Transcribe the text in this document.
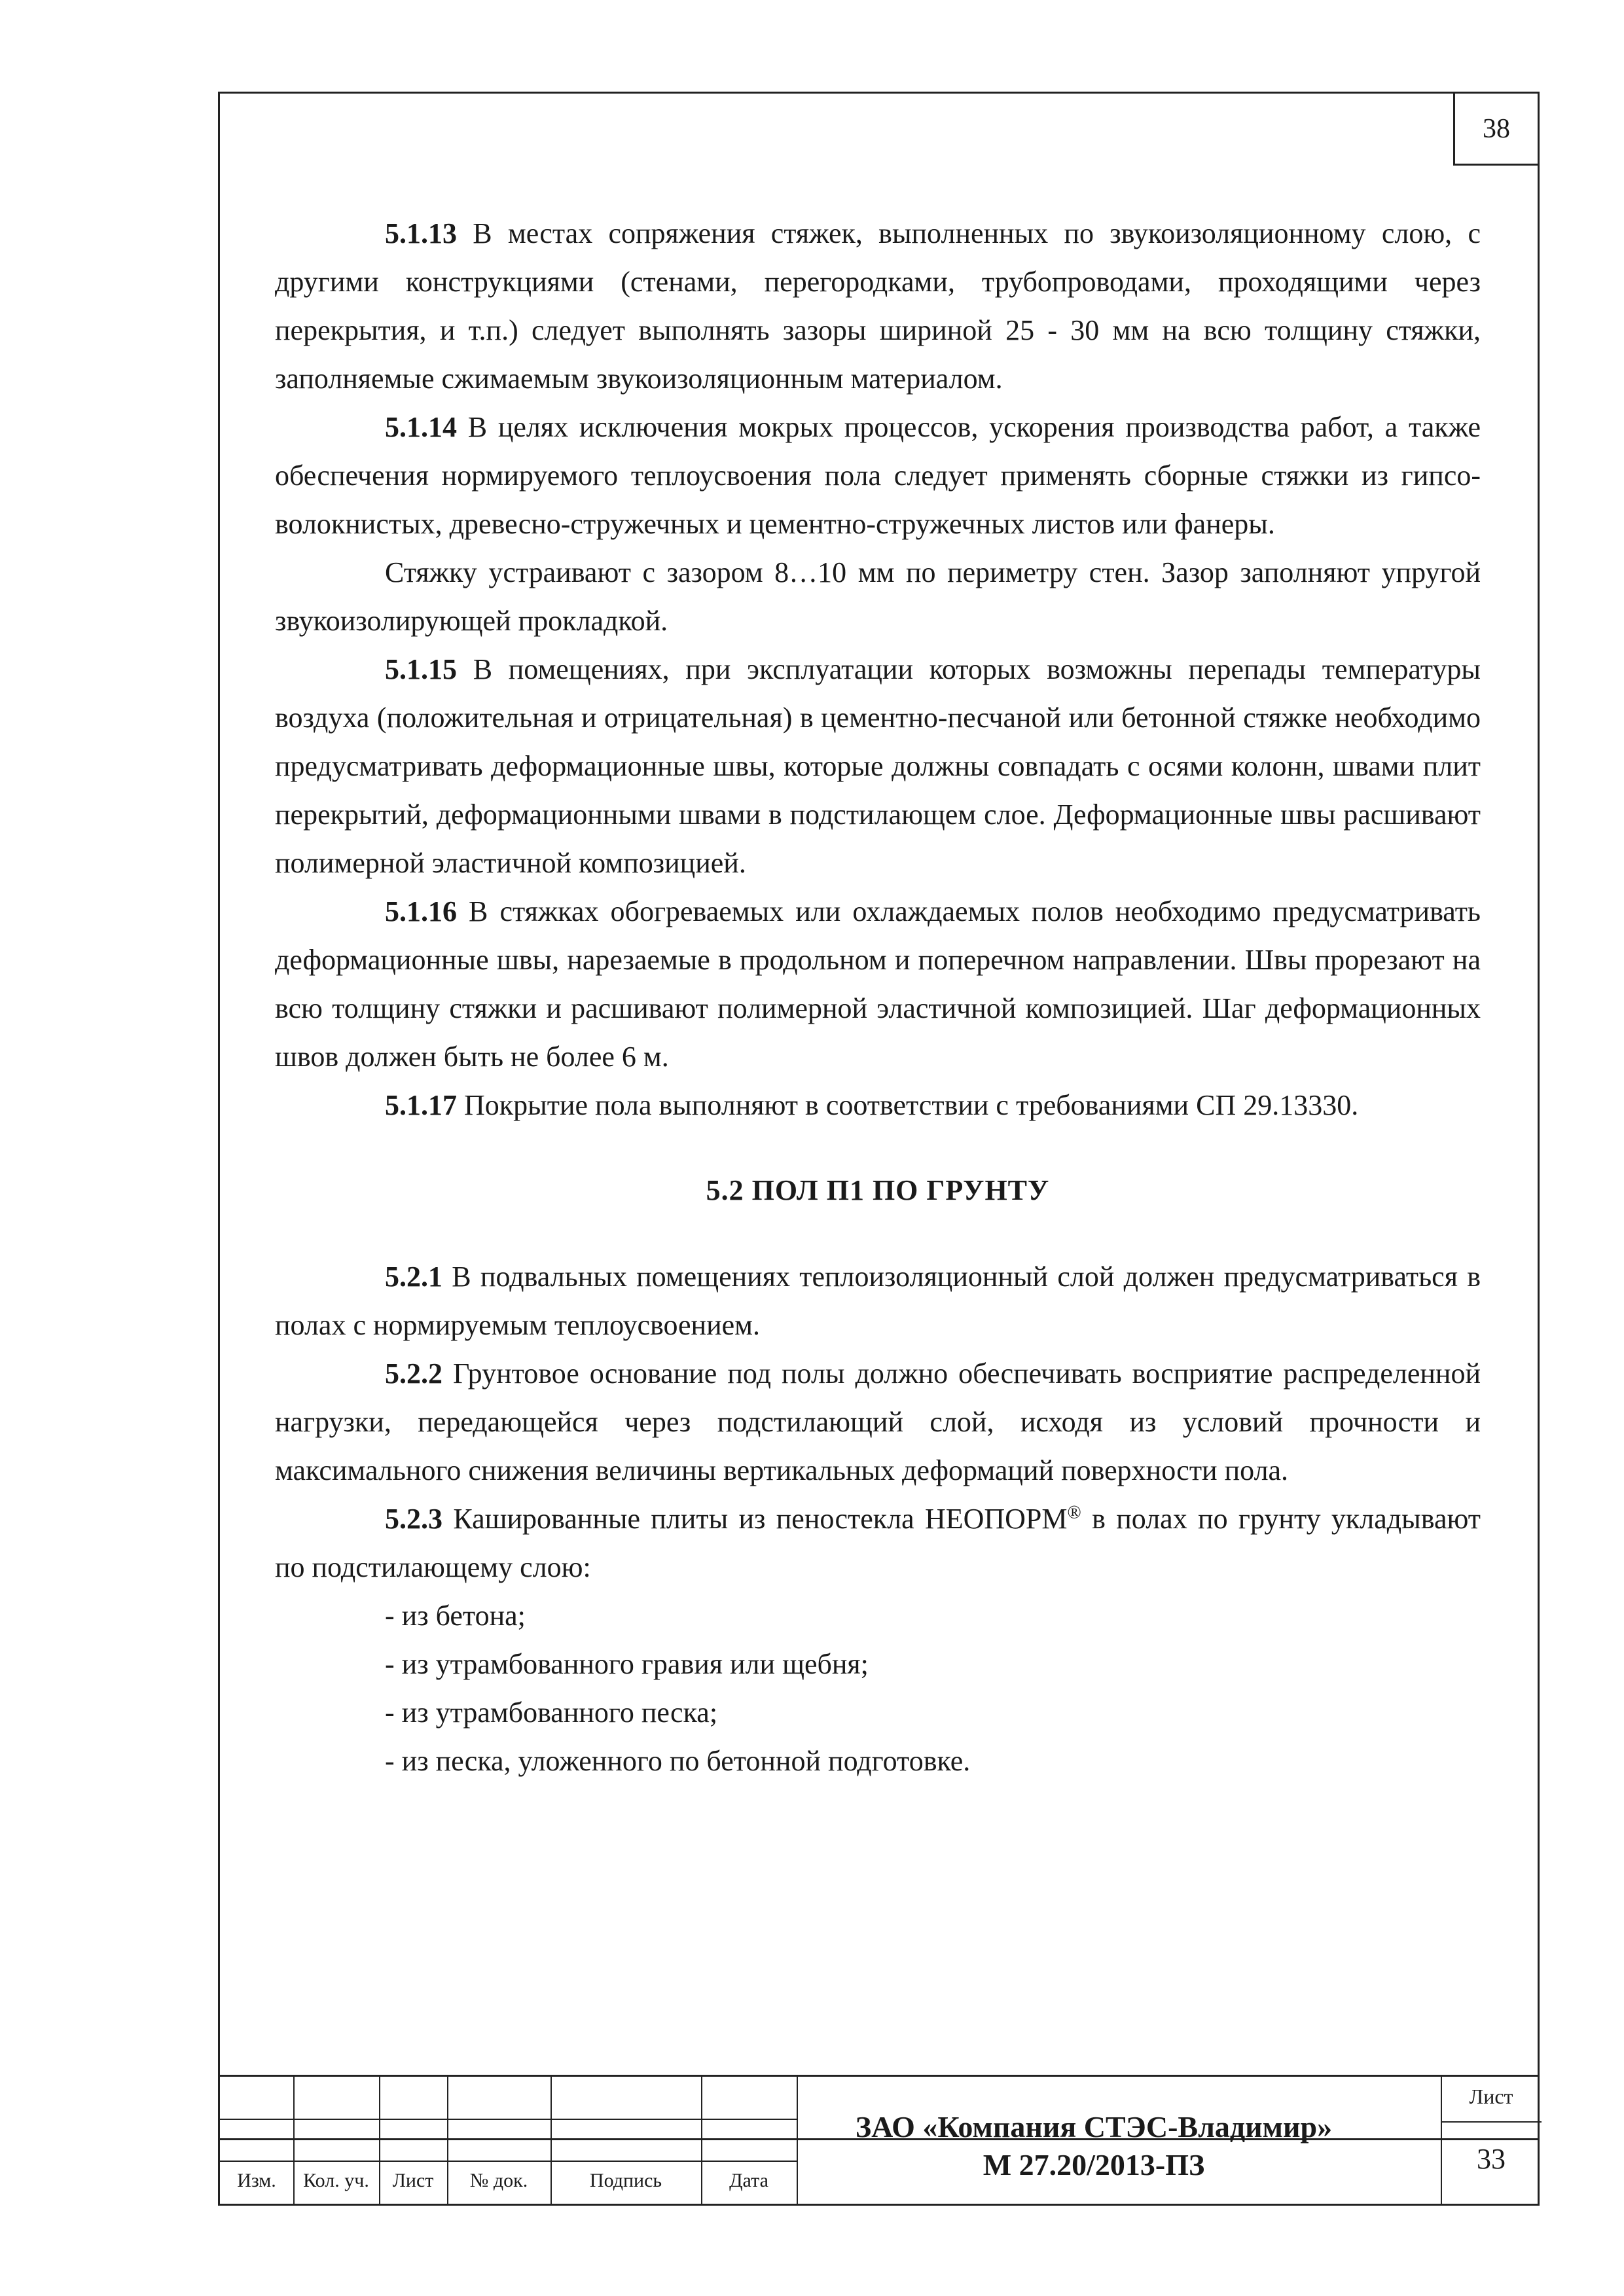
38

5.1.13 В местах сопряжения стяжек, выполненных по звукоизоляционному слою, с другими конструкциями (стенами, перегородками, трубопроводами, проходящими через перекрытия, и т.п.) следует выполнять зазоры шириной 25 - 30 мм на всю толщину стяжки, заполняемые сжимаемым звукоизоляционным материалом.

5.1.14 В целях исключения мокрых процессов, ускорения производства работ, а также обеспечения нормируемого теплоусвоения пола следует применять сборные стяжки из гипсо-волокнистых, древесно-стружечных и цементно-стружечных листов или фанеры.

Стяжку устраивают с зазором 8…10 мм по периметру стен. Зазор заполняют упругой звукоизолирующей прокладкой.

5.1.15 В помещениях, при эксплуатации которых возможны перепады температуры воздуха (положительная и отрицательная) в цементно-песчаной или бетонной стяжке необходимо предусматривать деформационные швы, которые должны совпадать с осями колонн, швами плит перекрытий, деформационными швами в подстилающем слое. Деформационные швы расшивают полимерной эластичной композицией.

5.1.16 В стяжках обогреваемых или охлаждаемых полов необходимо предусматривать деформационные швы, нарезаемые в продольном и поперечном направлении. Швы прорезают на всю толщину стяжки и расшивают полимерной эластичной композицией. Шаг деформационных швов должен быть не более 6 м.

5.1.17 Покрытие пола выполняют в соответствии с требованиями СП 29.13330.

5.2 ПОЛ П1 ПО ГРУНТУ

5.2.1 В подвальных помещениях теплоизоляционный слой должен предусматриваться в полах с нормируемым теплоусвоением.

5.2.2 Грунтовое основание под полы должно обеспечивать восприятие распределенной нагрузки, передающейся через подстилающий слой, исходя из условий прочности и максимального снижения величины вертикальных деформаций поверхности пола.

5.2.3 Кашированные плиты из пеностекла НЕОПОРМ® в полах по грунту укладывают по подстилающему слою:

- из бетона;

- из утрамбованного гравия или щебня;

- из утрамбованного песка;

- из песка, уложенного по бетонной подготовке.

Изм.	Кол. уч.	Лист	№ док.	Подпись	Дата
ЗАО «Компания СТЭС-Владимир»
М 27.20/2013-ПЗ
Лист
33
